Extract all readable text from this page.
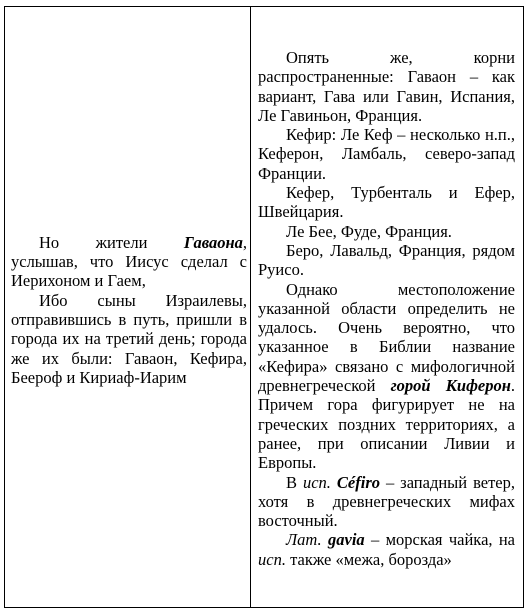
Но жители Гаваона, услышав, что Иисус сделал с Иерихоном и Гаем,

Ибо сыны Израилевы, отправившись в путь, пришли в города их на третий день; города же их были: Гаваон, Кефира, Беероф и Кириаф-Иарим

Опять же, корни распространенные: Гаваон – как вариант, Гава или Гавин, Испания, Ле Гавиньон, Франция.

Кефир: Ле Кеф – несколько н.п., Кеферон, Ламбаль, северо-запад Франции.

Кефер, Турбенталь и Ефер, Швейцария.

Ле Бее, Фуде, Франция.

Беро, Лавальд, Франция, рядом Руисо.

Однако местоположение указанной области определить не удалось. Очень вероятно, что указанное в Библии название «Кефира» связано с мифологичной древнегреческой горой Киферон. Причем гора фигурирует не на греческих поздних территориях, а ранее, при описании Ливии и Европы.

В исп. Céfiro – западный ветер, хотя в древнегреческих мифах восточный.

Лат. gavia – морская чайка, на исп. также «межа, борозда»
